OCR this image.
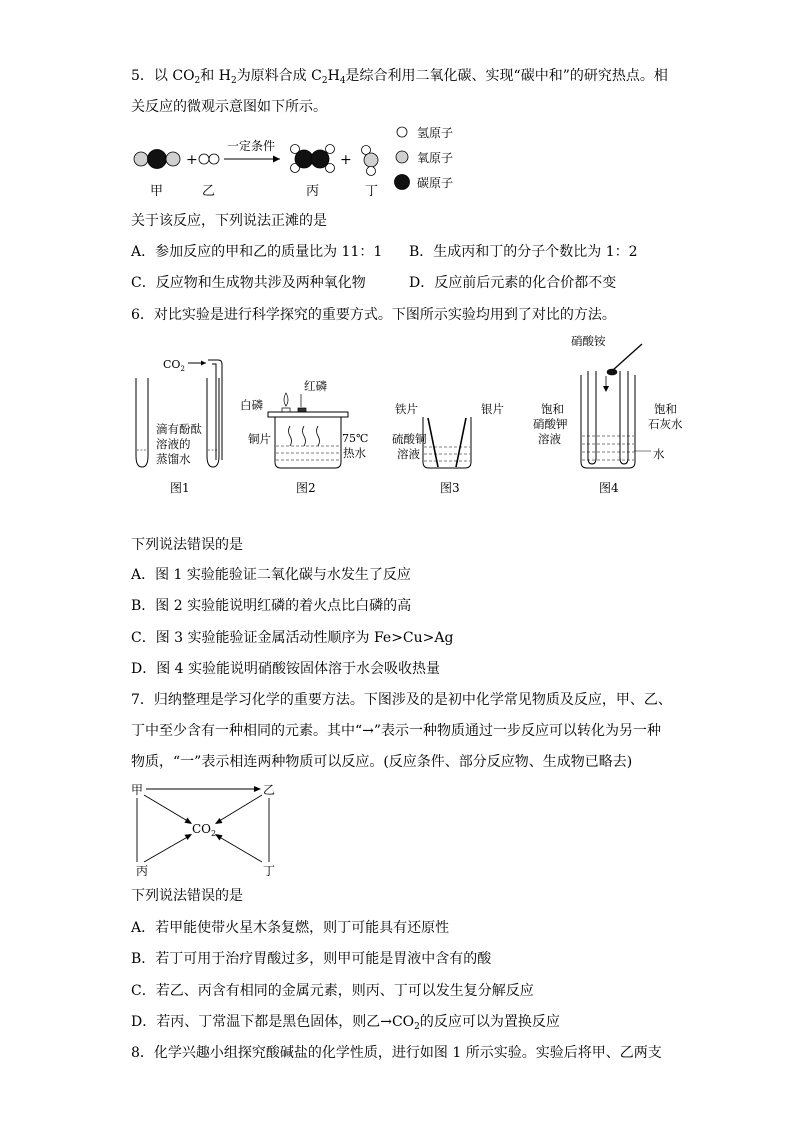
5．以 $CO_2$和 $H_2$为原料合成 $C_2H_4$是综合利用二氧化碳、实现“碳中和”的研究热点。相
关反应的微观示意图如下所示。
+
一定条件
+
甲	乙	丙	丁
氢原子
氧原子
碳原子
关于该反应，下列说法正滩的是
A．参加反应的甲和乙的质量比为 11：1 B．生成丙和丁的分子个数比为 1：2
C．反应物和生成物共涉及两种氧化物	D．反应前后元素的化合价都不变
6．对比实验是进行科学探究的重要方式。下图所示实验均用到了对比的方法。
$CO_2$
滴有酚酞
溶液的
蒸馏水
图1
白磷
红磷
铜片	75℃
热水
图2
铁片	银片
硫酸铜
溶液
图3
硝酸铵
饱和
硝酸钾
溶液
饱和
石灰水
水
图4
下列说法错误的是
A．图 1 实验能验证二氧化碳与水发生了反应
B．图 2 实验能说明红磷的着火点比白磷的高
C．图 3 实验能验证金属活动性顺序为 Fe>Cu>Ag
D．图 4 实验能说明硝酸铵固体溶于水会吸收热量
7．归纳整理是学习化学的重要方法。下图涉及的是初中化学常见物质及反应，甲、乙、
丁中至少含有一种相同的元素。其中“→”表示一种物质通过一步反应可以转化为另一种
物质，“一”表示相连两种物质可以反应。(反应条件、部分反应物、生成物已略去)
甲	乙
丙	丁
$CO_2$
下列说法错误的是
A．若甲能使带火星木条复燃，则丁可能具有还原性
B．若丁可用于治疗胃酸过多，则甲可能是胃液中含有的酸
C．若乙、丙含有相同的金属元素，则丙、丁可以发生复分解反应
D．若丙、丁常温下都是黑色固体，则乙$\to CO_2$的反应可以为置换反应
8．化学兴趣小组探究酸碱盐的化学性质，进行如图 1 所示实验。实验后将甲、乙两支
